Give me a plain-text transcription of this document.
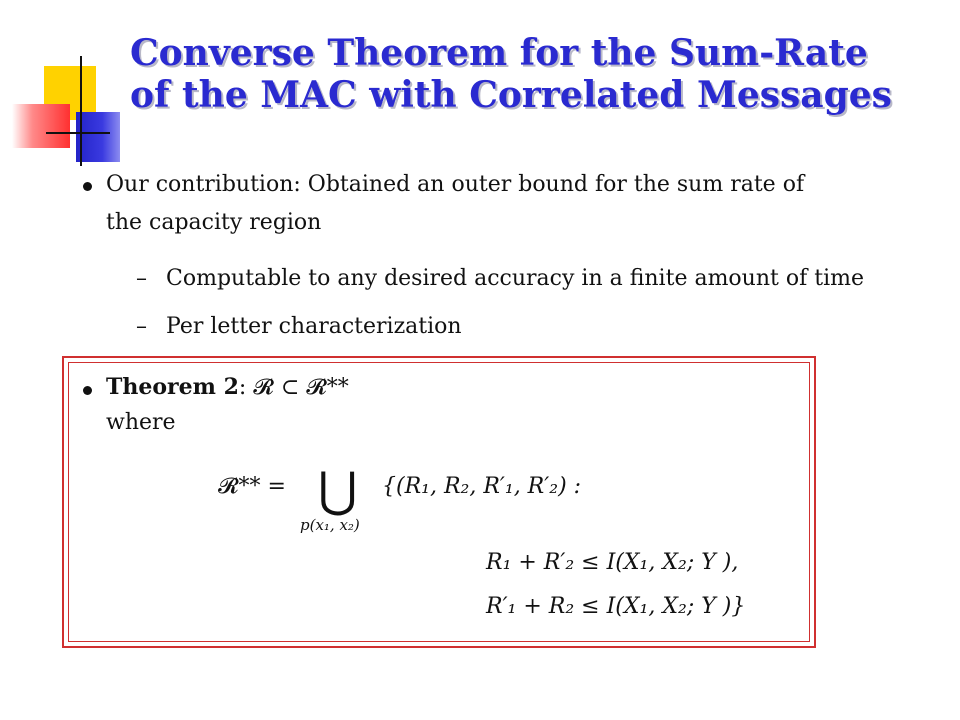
Converse Theorem for the Sum-Rate
of the MAC with Correlated Messages
Our contribution: Obtained an outer bound for the sum rate of
the capacity region
– Computable to any desired accuracy in a finite amount of time
– Per letter characterization
Theorem 2: 𝓡 ⊂ 𝓡**
where
𝓡** = ⋃
p(x₁, x₂)
{(R₁, R₂, R′₁, R′₂) :
R₁ + R′₂ ≤ I(X₁, X₂; Y ),
R′₁ + R₂ ≤ I(X₁, X₂; Y )}
